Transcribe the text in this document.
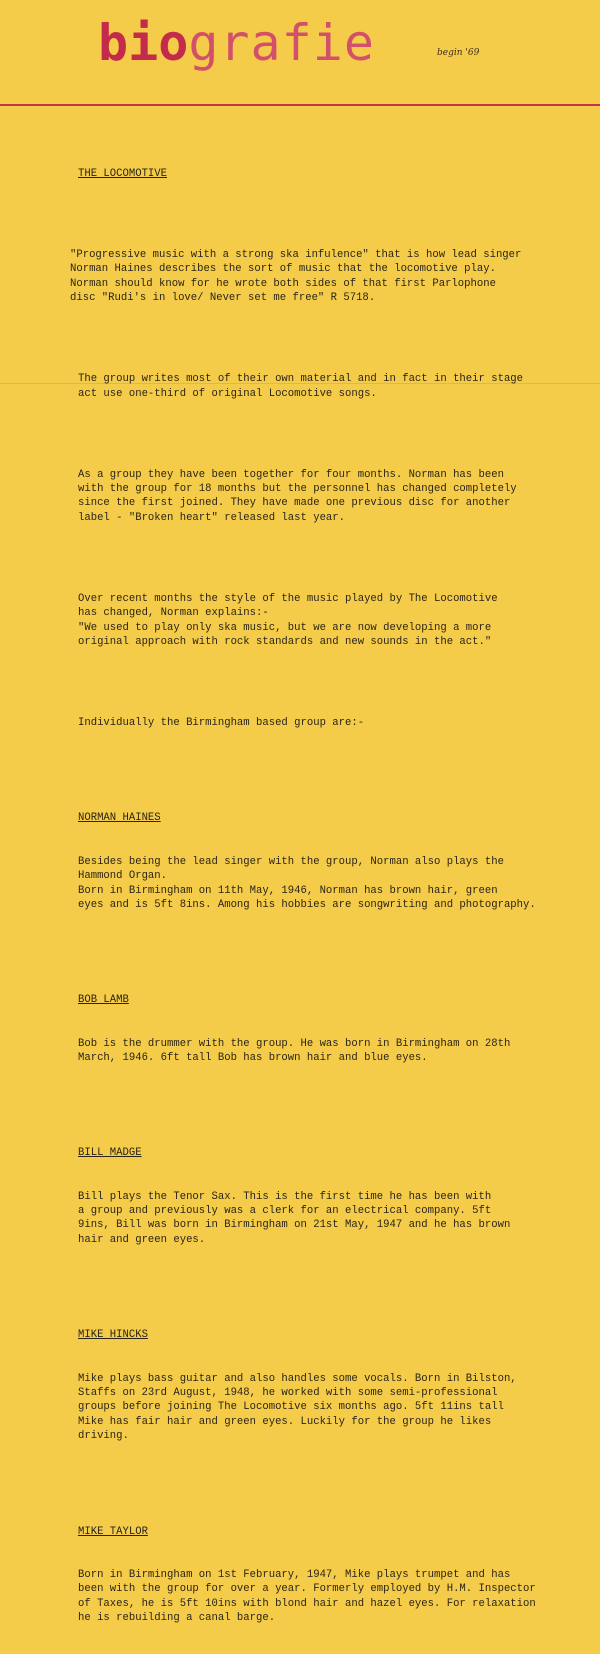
biografie	begin '69

THE LOCOMOTIVE

"Progressive music with a strong ska infulence" that is how lead singer
Norman Haines describes the sort of music that the locomotive play.
Norman should know for he wrote both sides of that first Parlophone
disc "Rudi's in love/ Never set me free" R 5718.

The group writes most of their own material and in fact in their stage
act use one-third of original Locomotive songs.

As a group they have been together for four months. Norman has been
with the group for 18 months but the personnel has changed completely
since the first joined. They have made one previous disc for another
label - "Broken heart" released last year.

Over recent months the style of the music played by The Locomotive
has changed, Norman explains:-
"We used to play only ska music, but we are now developing a more
original approach with rock standards and new sounds in the act."

Individually the Birmingham based group are:-

NORMAN HAINES

Besides being the lead singer with the group, Norman also plays the
Hammond Organ.
Born in Birmingham on 11th May, 1946, Norman has brown hair, green
eyes and is 5ft 8ins. Among his hobbies are songwriting and photography.

BOB LAMB

Bob is the drummer with the group. He was born in Birmingham on 28th
March, 1946. 6ft tall Bob has brown hair and blue eyes.

BILL MADGE

Bill plays the Tenor Sax. This is the first time he has been with
a group and previously was a clerk for an electrical company. 5ft
9ins, Bill was born in Birmingham on 21st May, 1947 and he has brown
hair and green eyes.

MIKE HINCKS

Mike plays bass guitar and also handles some vocals. Born in Bilston,
Staffs on 23rd August, 1948, he worked with some semi-professional
groups before joining The Locomotive six months ago. 5ft 11ins tall
Mike has fair hair and green eyes. Luckily for the group he likes
driving.

MIKE TAYLOR

Born in Birmingham on 1st February, 1947, Mike plays trumpet and has
been with the group for over a year. Formerly employed by H.M. Inspector
of Taxes, he is 5ft 10ins with blond hair and hazel eyes. For relaxation
he is rebuilding a canal barge.
